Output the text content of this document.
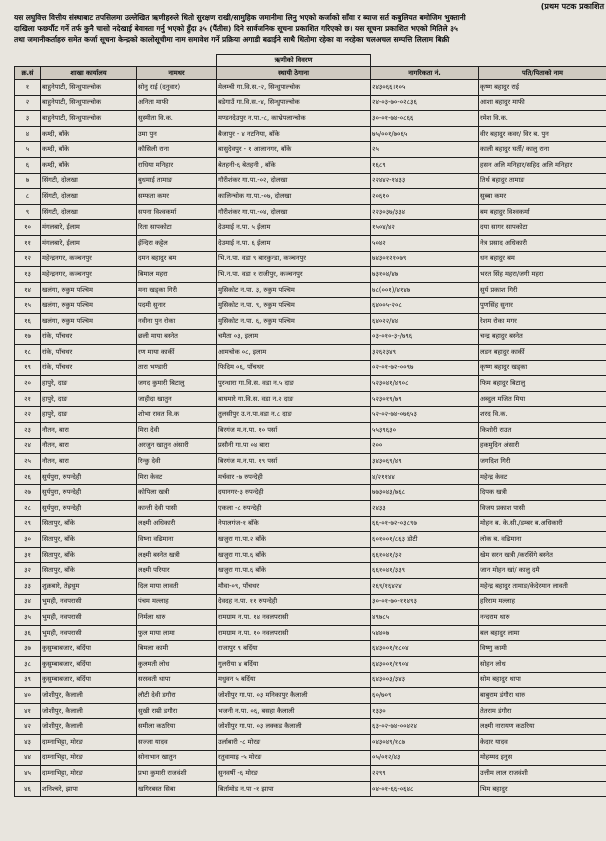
(प्रथम पटक प्रकाशित
यस लघुवित्त वित्तीय संस्थाबाट तपसिलमा उल्लेखित ऋणीहरुले धितो सुरक्षण राखी/सामुहिक जमानीमा लिनु भएको कर्जाको साँवा र ब्याज सर्त कबुलियत बमोजिम भुक्तानी
दाखिला फछर्यौट गर्ने तर्फ कुनै चासो नदेखाई बेवास्ता गर्नु भएको हुँदा ३५ (पैंतीस) दिने सार्वजनिक सूचना प्रकाशित गरिएको छ। यस सूचना प्रकाशित भएको मितिले ३५
तथा जमानीकर्ताहरु समेत कर्जा सूचना केन्द्रको कालोसूचीमा नाम समावेश गर्ने प्रक्रिया अगाडी बढाईने साथै धितोमा रहेका वा नरहेका चलअचल सम्पत्ति लिलाम बिक्री
			ऋणीको विवरण		
क्र.सं	शाखा कार्यालय	नामथर	स्थायी ठेगाना	नागरिकता नं.	पति/पिताको नाम
१	बाहुनेपाटी, सिन्धुपाल्चोक	सोनु राई (दनुवार)	मेलम्ची गा.वि.स.-२, सिन्धुपाल्चोक	२४३०६६।१०५	कृष्ण बहादुर राई
२	बाहुनेपाटी, सिन्धुपाल्चोक	अनिता माफी	बडेगाउँ गा.वि.स.-४, सिन्धुपाल्चोक	२४-०३-७०-०२८३६	आशा बहादुर माफी
३	बाहुनेपाटी, सिन्धुपाल्चोक	सुस्मीता वि.क.	मण्डनदेउपुर न.पा.-८, काभ्रेपलान्चोक	३०-०१-७४-०८६६	रमेश वि.क.
४	कम्दी, बाँके	उमा पुन	बैजापुर - ४ नटनिया, बाँके	७५/००१/७०६५	वीर बहादुर कवर/ विर ब. पुन
५	कम्दी, बाँके	कौसिली राना	बासुदेवपुर - १ आलानगर, बाँके	२५	काली बहादुर घर्ती/ कालु राना
६	कम्दी, बाँके	राधिया मनिहार	बेतहनी-६ बेतहनी , बाँके	१६८९	हसन अलि मनिहार/सहिद अलि मनिहार
७	सिंगटी, दोलखा	बुधमाई तामाङ	गौरीशंकर गा.पा.-०२, दोलखा	२२४४२-१४३३	तिर्थ बहादुर तामाङ
८	सिंगटी, दोलखा	सम्फता कमर	कालिन्चोक गा.पा.-०७, दोलखा	२०६१०	सुब्बा कमर
९	सिंगटी, दोलखा	सपना विश्वकर्मा	गौरीशंकर गा.पा.-०४, दोलखा	२२३०३७/३३४	बम बहादुर विश्वकर्मा
१०	मंगलबारे, ईलाम	रिता सापकोटा	देउमाई न.पा. ५ ईलाम	१५०४/४२	दया सागर सापकोटा
११	मंगलबारे, ईलाम	ईन्दिरा कट्टेल	देउमाई न.पा. ६ ईलाम	५०४२	नेत्र प्रसाद अधिकारी
१२	महेन्द्रनगर, कञ्चनपुर	दमन बहादुर बम	भि.न.पा. वडा ९ बारकुन्डा, कञ्चनपुर	७४३०१२१०७९	धन बहादुर बम
१३	महेन्द्रनगर, कञ्चनपुर	बिमाल महरा	भि.न.पा. वडा १ राजीपुर, कञ्चनपुर	७३१०४/४७	भरत सिंह महरा/जगी महरा
१४	खलंगा, रुकुम पश्चिम	मना खड्का गिरी	मुसिकोट न.पा. ३, रुकुम पश्चिम	७८(००१)/४१४७	सुर्य प्रकाश गिरी
१५	खलंगा, रुकुम पश्चिम	पदमी सुनार	मुसिकोट न.पा. ९, रुकुम पश्चिम	६४००५-२०८	पुणसिंह सुनार
१६	खलंगा, रुकुम पश्चिम	नवीना पुन रोका	मुसिकोट न.पा. ६, रुकुम पश्चिम	६४०२२/४४	रेशम रोका मगर
१७	रांके, पाँचथर	छली माया बस्नेत	चमैता ०३, इलाम	०३-०१०-३-/७९६	चन्द्र बहादुर बस्नेत
१८	रांके, पाँचथर	रण माया कार्की	आमचोक ०८, इलाम	३२६२३४९	लडन बहादुर कार्की
१९	रांके, पाँचथर	तारा भण्डारी	फिदिम ०६, पाँचथर	०२-०१-७२-००९७	कृष्ण बहादुर खड्का
२०	हापुरे, दाङ	जगद कुमारी बिटालु	पुरन्धारा गा.वि.स. वडा न.५ दाङ	५२३०४१/४९०८	फिम बहादुर बिटालु
२१	हापुरे, दाङ	जाहीदा खातुन	बाघमारे गा.वि.स. वडा न.२ दाङ	५२३०१९/७९	अब्दुल मजित मिया
२२	हापुरे, दाङ	शोभा रावत वि.क	तुलसीपुर उ.न.पा.वडा न.८ दाङ	५२-०२-७४-०७६५३	शरद वि.क.
२३	नौतन, बारा	मिरा देवी	बिरगंज म.न.पा. १० पर्सा	५५३९६३०	किशोरी राउत
२४	नौतन, बारा	अरजुन खातुन अंसारी	प्रसौनी गा.पा ०४ बारा	२००	हकमुदिन अंसारी
२५	नौतन, बारा	रिन्कु देवी	बिरगंज म.न.पा. १९ पर्सा	३४३०६९/४९	जगदिश गिरी
२६	सुर्यपुरा, रुपन्देही	मिरा केवट	मर्चवार -७ रुपन्देही	४/२११४४	महेन्द्र केवट
२७	सुर्यपुरा, रुपन्देही	कोपिला खत्री	दयानगर-३ रुपन्देही	७७३०४३/७६८	दिपक खत्री
२८	सुर्यपुरा, रुपन्देही	कान्ती देवी पासी	एकला -८ रुपन्देही	२४३३	विजय प्रकाश पासी
२९	सितापुर, बाँके	लक्ष्मी अधिकारी	नेपालगंज-१ बाँके	६६-०१-७२-०३८९७	मोहन ब. के.सी./डम्बर ब.अधिकारी
३०	सितापुर, बाँके	विष्ना वढिमाना	खजुरा गा.पा.२ बाँके	६०१००१/८६३ डोटी	लोक ब. वढिमाना
३१	सितापुर, बाँके	लक्ष्मी बस्नेत खत्री	खजुरा गा.पा.६ बाँके	६६१०४१/३२	खेम सरन खत्री /करसिंगे बस्नेत
३२	सितापुर, बाँके	लक्ष्मी परियार	खजुरा गा.पा.६ बाँके	६६१०४१/३३९	जान मोहन खां/ कालु दमै
३३	शुक्रबारे, तेह्रथुम	दिल माया लावती	मौवा-०९, पाँचथर	२६९/१६४२४	महेन्द्र बहादुर तामाङ/केदेरमान लावती
३४	भुमही, नवपरासी	पंचम मल्लाह	देवदह न.पा. ११ रुपन्देही	३०-०१-७०-११४९३	हरिराम मल्लाह
३५	भुमही, नवपरासी	निर्मला थारु	रामग्राम न.पा. १४ नवलपरासी	४९७८५	नन्दराम थारु
३६	भुमही, नवपरासी	फुल माया लामा	रामग्राम न.पा. १० नवलपरासी	५४४०७	बल बहादुर लामा
३७	कुसुम्बाबजार, बर्दिया	बिमला कामी	राजापुर ९ बर्दिया	६४३००१/१८०४	विष्णु कामी
३८	कुसुम्बाबजार, बर्दिया	कुलमती लोध	गुलरीया ४ बर्दिया	६४३००१/१९०४	सोहन लोध
३९	कुसुम्बाबजार, बर्दिया	सरस्वती थापा	मधुवन ५ बर्दिया	६४३००३/३४३	सोम बहादुर थापा
४०	जोशीपुर, कैलाली	लौटी देवी डगौरा	जोशीपुर गा.पा. ०३ मनिकापुर कैलाली	६०/७०९	बाबुराम डंगौरा थारु
४१	जोशीपुर, कैलाली	सुखी राम्री डगौरा	भजनी न.पा. ०६, बसहा कैलाली	१३३०	तेतराम डंगौरा
४२	जोशीपुर, कैलाली	समीला कठरिया	जोशीपुर गा.पा. ०३ लक्कड कैलाली	६३-०२-७४-००४२४	लक्ष्मी नारायण कठरिया
४३	दाम्नाभिट्टा, मोरङ	सज्जा यादव	उर्लाबारी -८ मोरङ	०४३०४९/१८७	केदार यादव
४४	दाम्नाभिट्टा, मोरङ	सोनाभान खातुन	रतुवामाइ -५ मोरङ	०५/०१२/४३	मोहम्मद इनुस
४५	दाम्नाभिट्टा, मोरङ	प्रभा कुमारी राजवंशी	सुनवर्षी -६ मोरङ	२२९९	उत्तीम लाल राजवंशी
४६	शनिश्चरे, झापा	खगिरबस्त सिबा	बिर्तामोड न.पा -१ झापा	०४-०१-६६-०६४८	भिम बहादुर
